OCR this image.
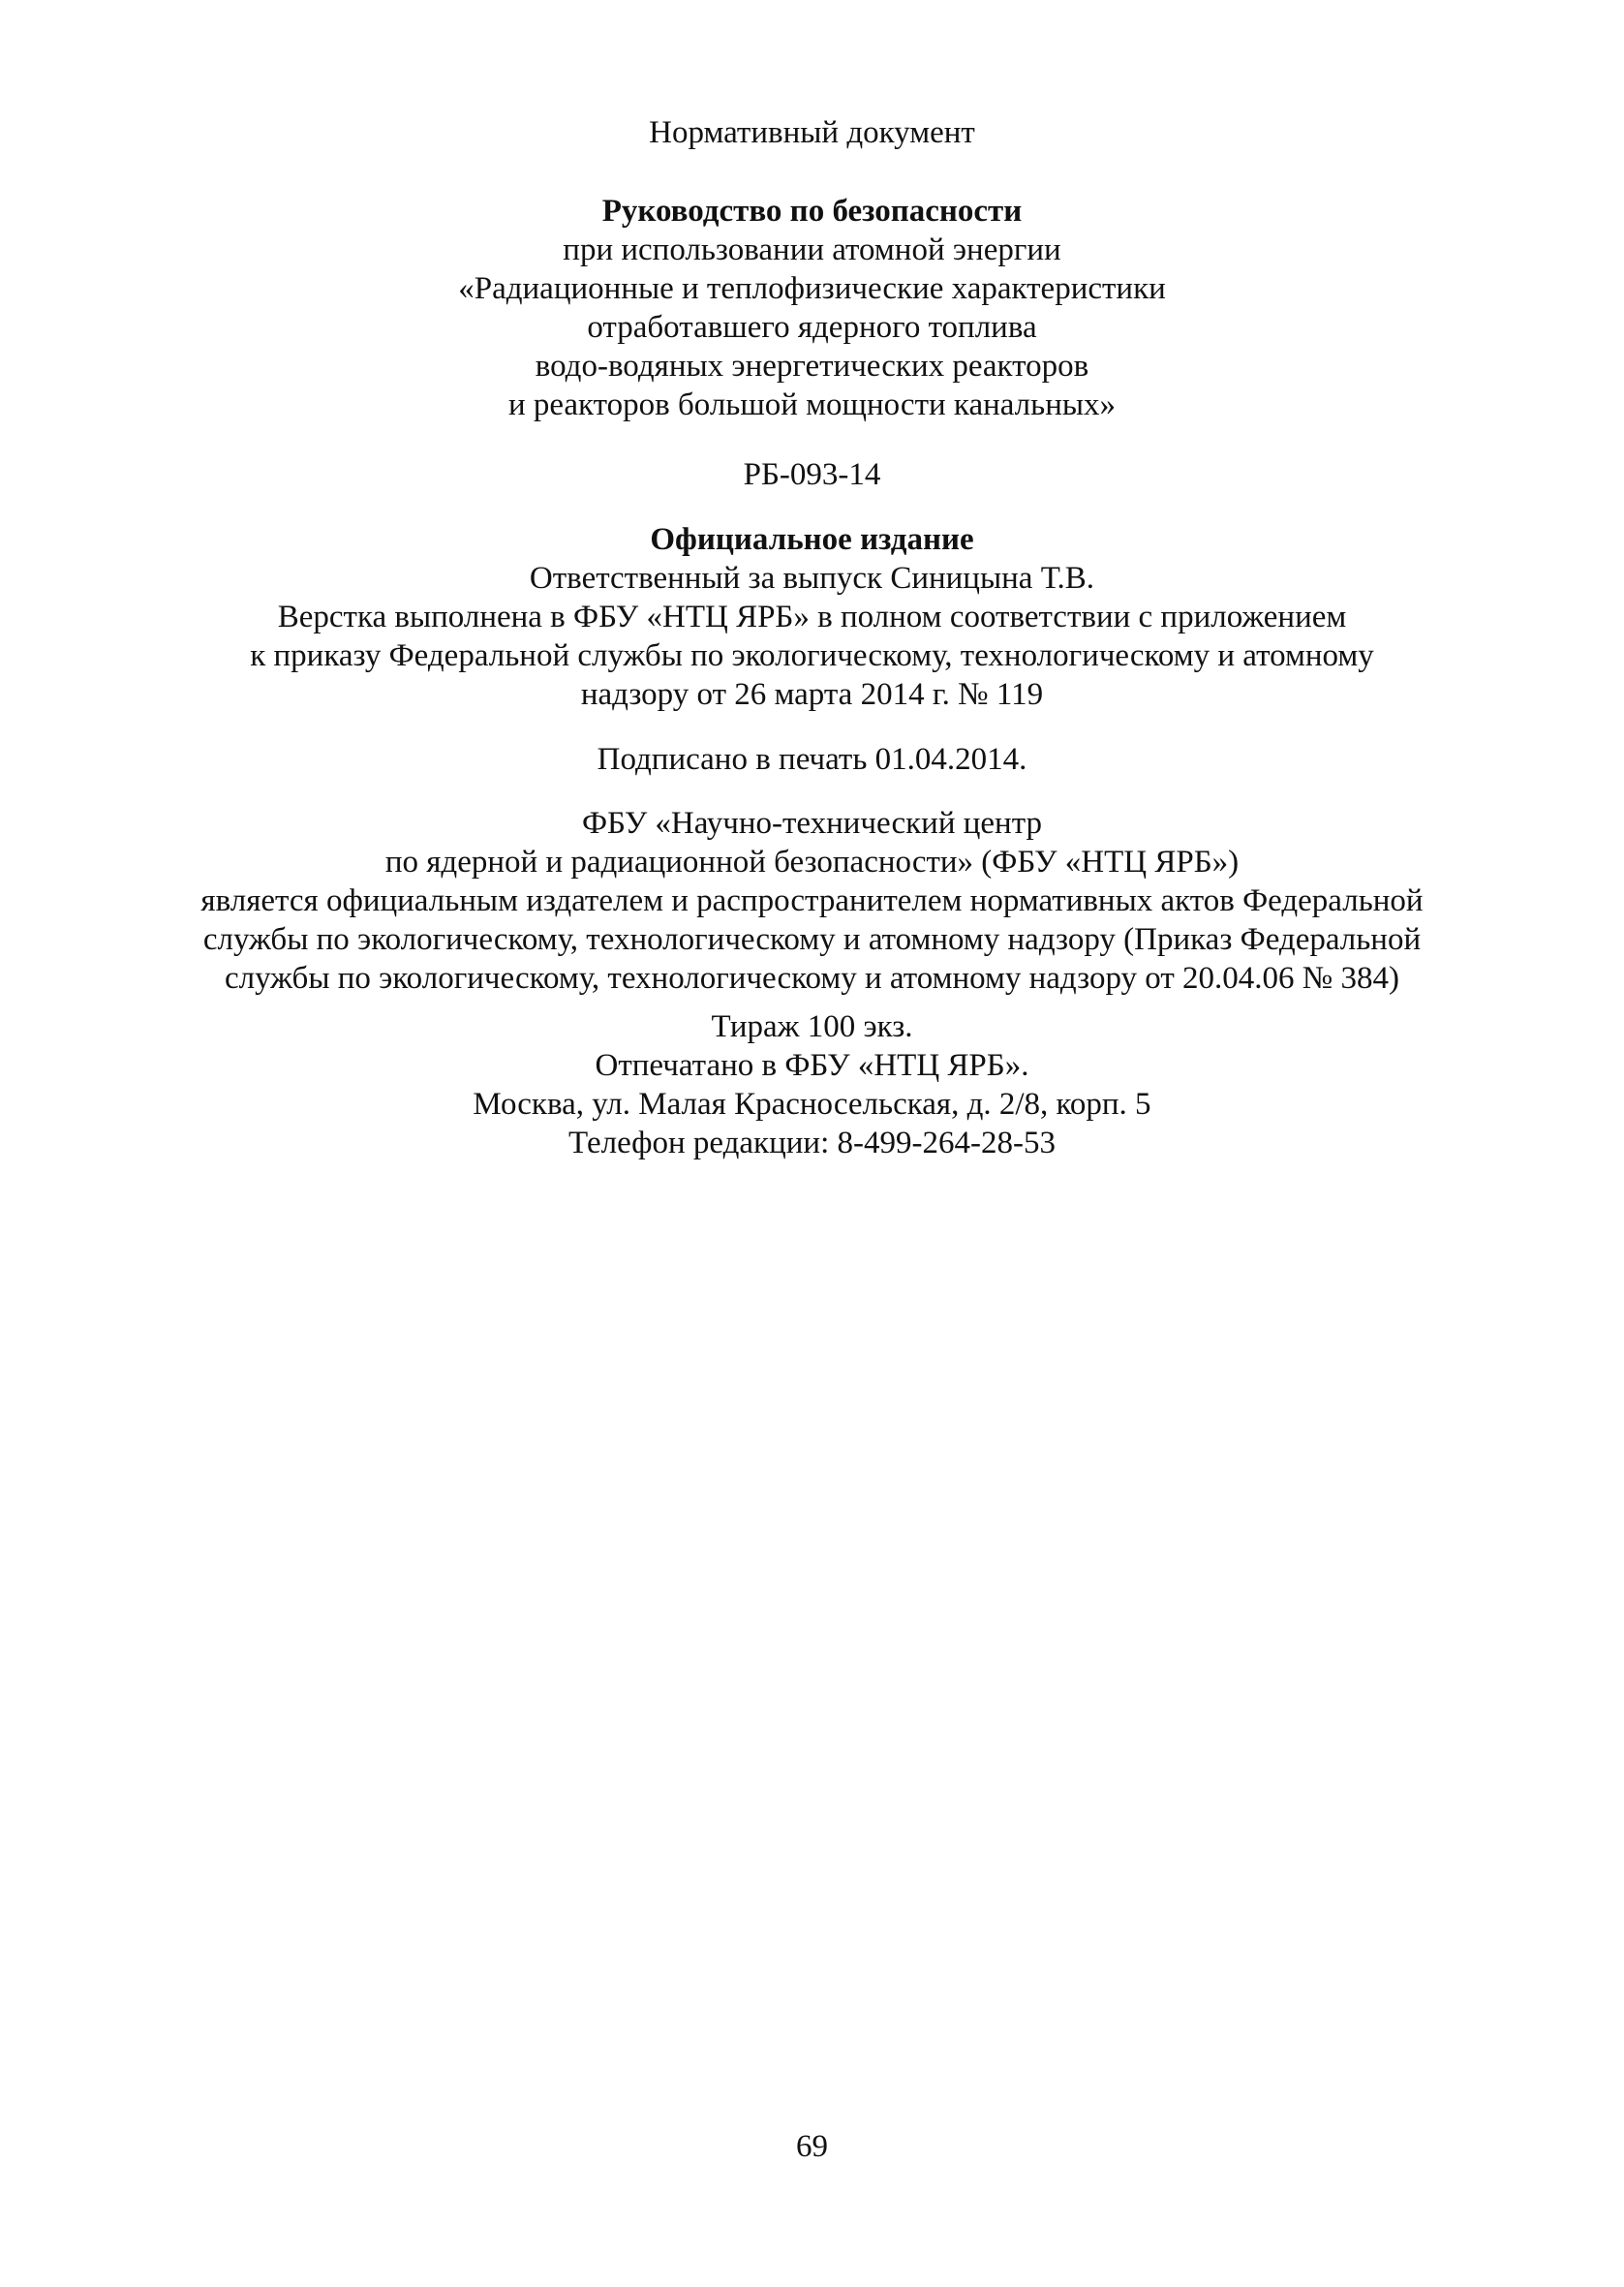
Нормативный документ
Руководство по безопасности
при использовании атомной энергии
«Радиационные и теплофизические характеристики
отработавшего ядерного топлива
водо-водяных энергетических реакторов
и реакторов большой мощности канальных»
РБ-093-14
Официальное издание
Ответственный за выпуск Синицына Т.В.
Верстка выполнена в ФБУ «НТЦ ЯРБ» в полном соответствии с приложением
к приказу Федеральной службы по экологическому, технологическому и атомному
надзору от 26 марта 2014 г. № 119
Подписано в печать 01.04.2014.
ФБУ «Научно-технический центр
по ядерной и радиационной безопасности» (ФБУ «НТЦ ЯРБ»)
является официальным издателем и распространителем нормативных актов Федеральной
службы по экологическому, технологическому и атомному надзору (Приказ Федеральной
службы по экологическому, технологическому и атомному надзору от 20.04.06 № 384)
Тираж 100 экз.
Отпечатано в ФБУ «НТЦ ЯРБ».
Москва, ул. Малая Красносельская, д. 2/8, корп. 5
Телефон редакции: 8-499-264-28-53
69
